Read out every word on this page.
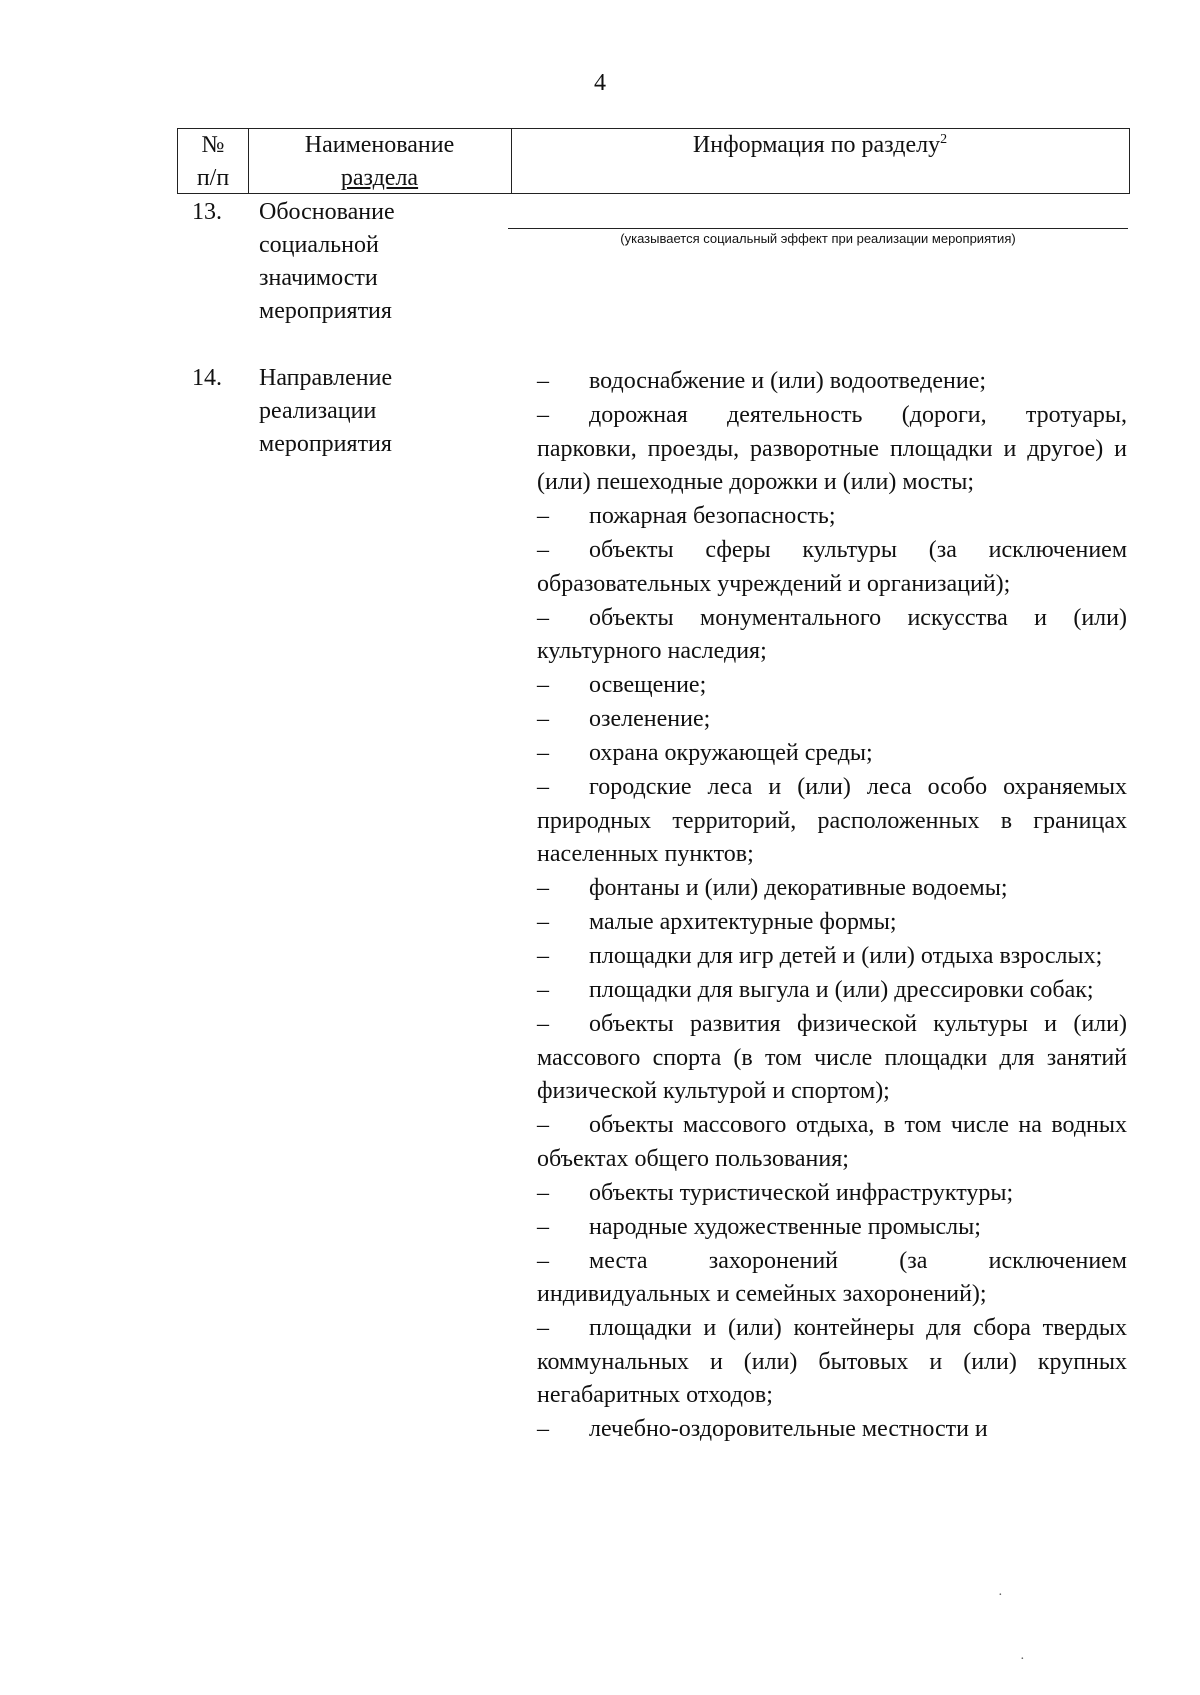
4
№
п/п
Наименование
раздела
Информация по разделу$^2$
13. Обоснование
социальной
значимости
мероприятия
(указывается социальный эффект при реализации мероприятия)
14. Направление
реализации
мероприятия
– водоснабжение и (или) водоотведение;
– дорожная деятельность (дороги, тротуары, парковки, проезды, разворотные площадки и другое) и (или) пешеходные дорожки и (или) мосты;
– пожарная безопасность;
– объекты сферы культуры (за исключением образовательных учреждений и организаций);
– объекты монументального искусства и (или) культурного наследия;
– освещение;
– озеленение;
– охрана окружающей среды;
– городские леса и (или) леса особо охраняемых природных территорий, расположенных в границах населенных пунктов;
– фонтаны и (или) декоративные водоемы;
– малые архитектурные формы;
– площадки для игр детей и (или) отдыха взрослых;
– площадки для выгула и (или) дрессировки собак;
– объекты развития физической культуры и (или) массового спорта (в том числе площадки для занятий физической культурой и спортом);
– объекты массового отдыха, в том числе на водных объектах общего пользования;
– объекты туристической инфраструктуры;
– народные художественные промыслы;
– места захоронений (за исключением индивидуальных и семейных захоронений);
– площадки и (или) контейнеры для сбора твердых коммунальных и (или) бытовых и (или) крупных негабаритных отходов;
– лечебно-оздоровительные местности и
·
·
